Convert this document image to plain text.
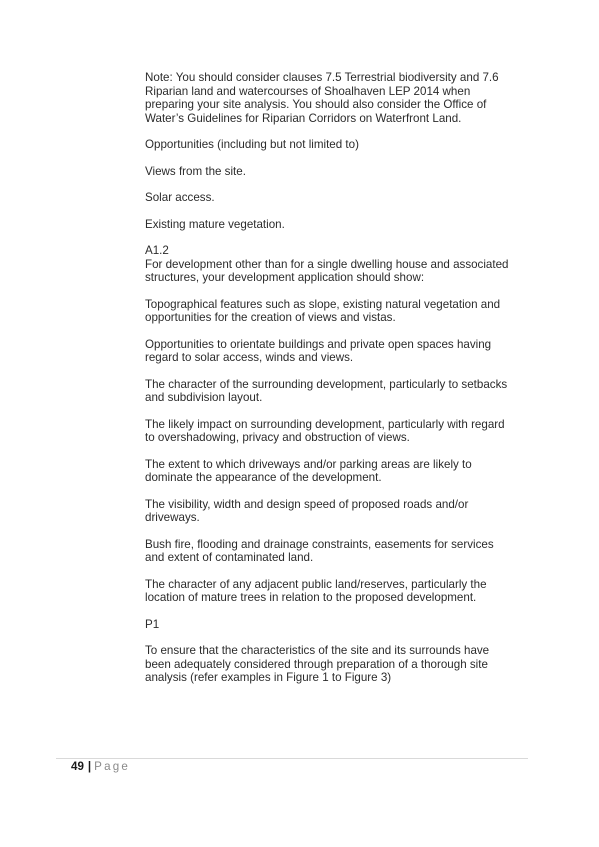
Note: You should consider clauses 7.5 Terrestrial biodiversity and 7.6
Riparian land and watercourses of Shoalhaven LEP 2014 when
preparing your site analysis. You should also consider the Office of
Water’s Guidelines for Riparian Corridors on Waterfront Land.

Opportunities (including but not limited to)

Views from the site.

Solar access.

Existing mature vegetation.

A1.2
For development other than for a single dwelling house and associated
structures, your development application should show:

Topographical features such as slope, existing natural vegetation and
opportunities for the creation of views and vistas.

Opportunities to orientate buildings and private open spaces having
regard to solar access, winds and views.

The character of the surrounding development, particularly to setbacks
and subdivision layout.

The likely impact on surrounding development, particularly with regard
to overshadowing, privacy and obstruction of views.

The extent to which driveways and/or parking areas are likely to
dominate the appearance of the development.

The visibility, width and design speed of proposed roads and/or
driveways.

Bush fire, flooding and drainage constraints, easements for services
and extent of contaminated land.

The character of any adjacent public land/reserves, particularly the
location of mature trees in relation to the proposed development.

P1

To ensure that the characteristics of the site and its surrounds have
been adequately considered through preparation of a thorough site
analysis (refer examples in Figure 1 to Figure 3)

49 | Page
